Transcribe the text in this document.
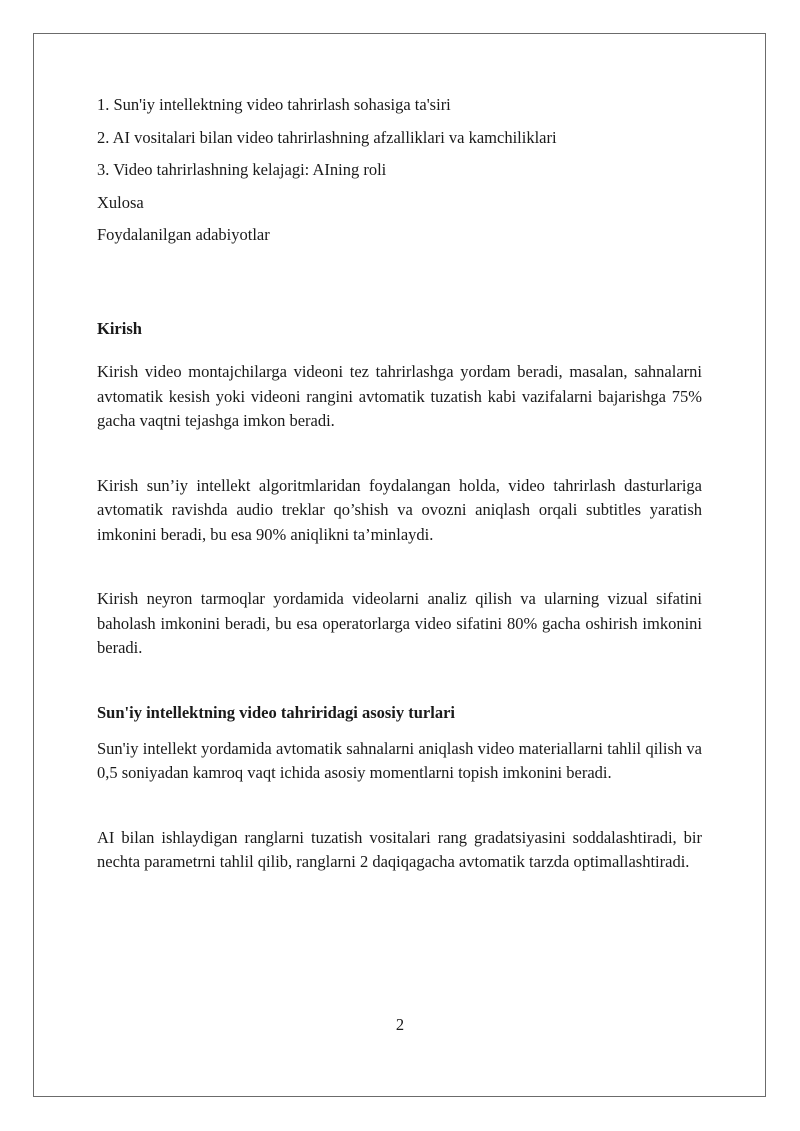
1. Sun'iy intellektning video tahrirlash sohasiga ta'siri

2. AI vositalari bilan video tahrirlashning afzalliklari va kamchiliklari

3. Video tahrirlashning kelajagi: AIning roli

Xulosa

Foydalanilgan adabiyotlar

Kirish

Kirish video montajchilarga videoni tez tahrirlashga yordam beradi, masalan, sahnalarni avtomatik kesish yoki videoni rangini avtomatik tuzatish kabi vazifalarni bajarishga 75% gacha vaqtni tejashga imkon beradi.

Kirish sun’iy intellekt algoritmlaridan foydalangan holda, video tahrirlash dasturlariga avtomatik ravishda audio treklar qo’shish va ovozni aniqlash orqali subtitles yaratish imkonini beradi, bu esa 90% aniqlikni ta’minlaydi.

Kirish neyron tarmoqlar yordamida videolarni analiz qilish va ularning vizual sifatini baholash imkonini beradi, bu esa operatorlarga video sifatini 80% gacha oshirish imkonini beradi.

Sun'iy intellektning video tahriridagi asosiy turlari

Sun'iy intellekt yordamida avtomatik sahnalarni aniqlash video materiallarni tahlil qilish va 0,5 soniyadan kamroq vaqt ichida asosiy momentlarni topish imkonini beradi.

AI bilan ishlaydigan ranglarni tuzatish vositalari rang gradatsiyasini soddalashtiradi, bir nechta parametrni tahlil qilib, ranglarni 2 daqiqagacha avtomatik tarzda optimallashtiradi.

2
